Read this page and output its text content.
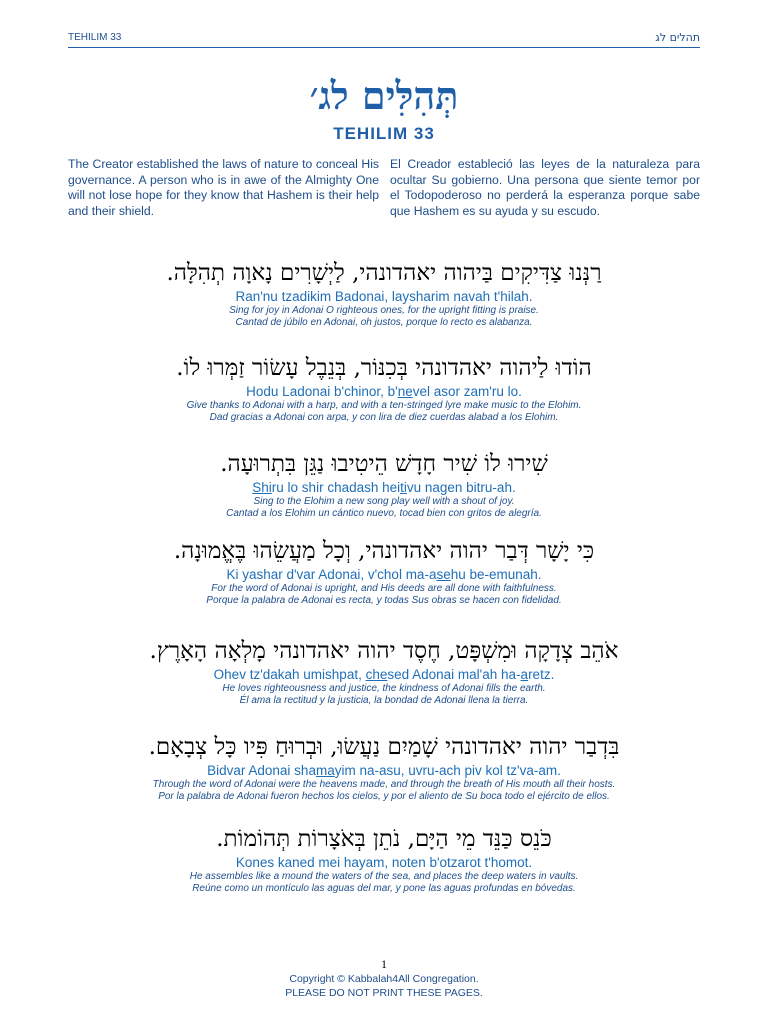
TEHILIM 33	תהלים לג
תְּהִלִּים לג׳
TEHILIM 33
The Creator established the laws of nature to conceal His governance. A person who is in awe of the Almighty One will not lose hope for they know that Hashem is their help and their shield.
El Creador estableció las leyes de la naturaleza para ocultar Su gobierno. Una persona que siente temor por el Todopoderoso no perderá la esperanza porque sabe que Hashem es su ayuda y su escudo.
רַנְּנוּ צַדִּיקִים בַּיהוה יאהדונהי, לַיְשָׁרִים נָאוָה תְהִלָּה.
Ran'nu tzadikim Badonai, laysharim navah t'hilah.
Sing for joy in Adonai O righteous ones, for the upright fitting is praise.
Cantad de júbilo en Adonai, oh justos, porque lo recto es alabanza.
הוֹדוּ לַיהוה יאהדונהי בְּכִנּוֹר, בְּנֵבֶל עָשׂוֹר זַמְּרוּ לוֹ.
Hodu Ladonai b'chinor, b'nevel asor zam'ru lo.
Give thanks to Adonai with a harp, and with a ten-stringed lyre make music to the Elohim.
Dad gracias a Adonai con arpa, y con lira de diez cuerdas alabad a los Elohim.
שִׁירוּ לוֹ שִׁיר חָדָשׁ הֵיטִיבוּ נַגֵּן בִּתְרוּעָה.
Shiru lo shir chadash heitivu nagen bitru-ah.
Sing to the Elohim a new song play well with a shout of joy.
Cantad a los Elohim un cántico nuevo, tocad bien con gritos de alegría.
כִּי יָשָׁר דְּבַר יהוה יאהדונהי, וְכָל מַעֲשֵׂהוּ בֶּאֱמוּנָה.
Ki yashar d'var Adonai, v'chol ma-asehu be-emunah.
For the word of Adonai is upright, and His deeds are all done with faithfulness.
Porque la palabra de Adonai es recta, y todas Sus obras se hacen con fidelidad.
אֹהֵב צְדָקָה וּמִשְׁפָּט, חֶסֶד יהוה יאהדונהי מָלְאָה הָאָרֶץ.
Ohev tz'dakah umishpat, chesed Adonai mal'ah ha-aretz.
He loves righteousness and justice, the kindness of Adonai fills the earth.
Él ama la rectitud y la justicia, la bondad de Adonai llena la tierra.
בִּדְבַר יהוה יאהדונהי שָׁמַיִם נַעֲשׂוּ, וּבְרוּחַ פִּיו כָּל צְבָאָם.
Bidvar Adonai shamayim na-asu, uvru-ach piv kol tz'va-am.
Through the word of Adonai were the heavens made, and through the breath of His mouth all their hosts.
Por la palabra de Adonai fueron hechos los cielos, y por el aliento de Su boca todo el ejército de ellos.
כֹּנֵס כַּנֵּד מֵי הַיָּם, נֹתֵן בְּאֹצָרוֹת תְּהוֹמוֹת.
Kones kaned mei hayam, noten b'otzarot t'homot.
He assembles like a mound the waters of the sea, and places the deep waters in vaults.
Reúne como un montículo las aguas del mar, y pone las aguas profundas en bóvedas.
1
Copyright © Kabbalah4All Congregation.
PLEASE DO NOT PRINT THESE PAGES.
